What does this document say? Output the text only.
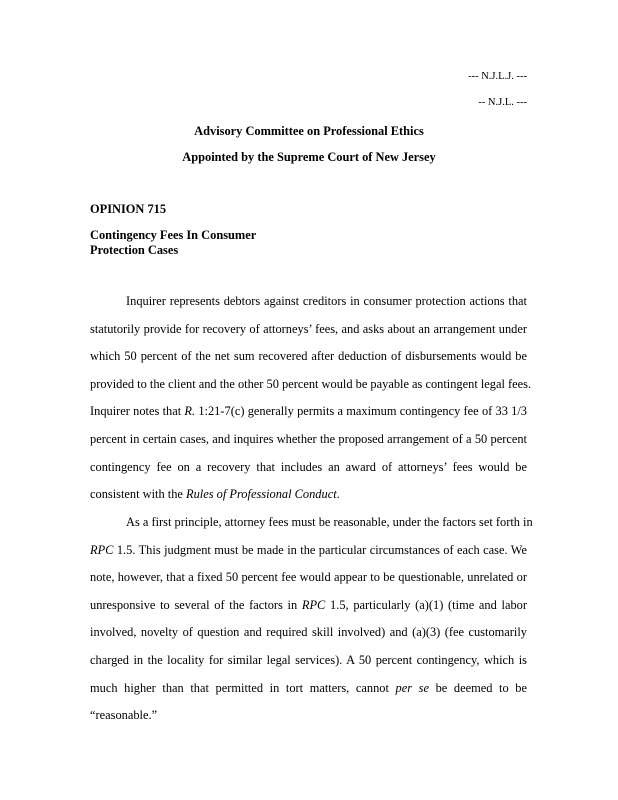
--- N.J.L.J. ---
-- N.J.L. ---
Advisory Committee on Professional Ethics
Appointed by the Supreme Court of New Jersey
OPINION 715
Contingency Fees In Consumer
Protection Cases
Inquirer represents debtors against creditors in consumer protection actions that
statutorily provide for recovery of attorneys’ fees, and asks about an arrangement under
which 50 percent of the net sum recovered after deduction of disbursements would be
provided to the client and the other 50 percent would be payable as contingent legal fees.
Inquirer notes that R. 1:21-7(c) generally permits a maximum contingency fee of 33 1/3
percent in certain cases, and inquires whether the proposed arrangement of a 50 percent
contingency fee on a recovery that includes an award of attorneys’ fees would be
consistent with the Rules of Professional Conduct.
As a first principle, attorney fees must be reasonable, under the factors set forth in
RPC 1.5. This judgment must be made in the particular circumstances of each case. We
note, however, that a fixed 50 percent fee would appear to be questionable, unrelated or
unresponsive to several of the factors in RPC 1.5, particularly (a)(1) (time and labor
involved, novelty of question and required skill involved) and (a)(3) (fee customarily
charged in the locality for similar legal services). A 50 percent contingency, which is
much higher than that permitted in tort matters, cannot per se be deemed to be
“reasonable.”
